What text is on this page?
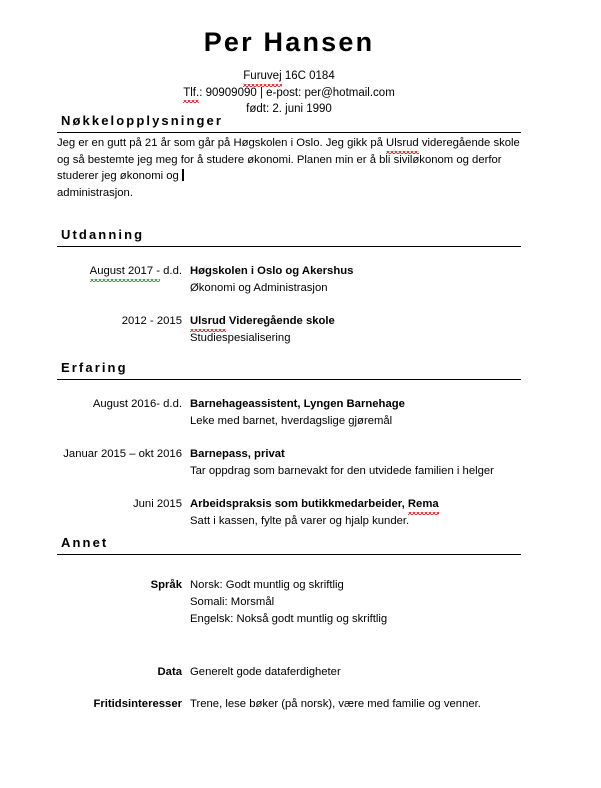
Per Hansen
Furuvej 16C 0184
Tlf.: 90909090 | e-post: per@hotmail.com
født: 2. juni 1990
Nøkkelopplysninger

Jeg er en gutt på 21 år som går på Høgskolen i Oslo. Jeg gikk på Ulsrud videregående skole og så bestemte jeg meg for å studere økonomi. Planen min er å bli siviløkonom og derfor studerer jeg økonomi og
administrasjon.

Utdanning
August 2017 - d.d. Høgskolen i Oslo og Akershus
Økonomi og Administrasjon
2012 - 2015 Ulsrud Videregående skole
Studiespesialisering
Erfaring
August 2016- d.d. Barnehageassistent, Lyngen Barnehage
Leke med barnet, hverdagslige gjøremål
Januar 2015 – okt 2016 Barnepass, privat
Tar oppdrag som barnevakt for den utvidede familien i helger
Juni 2015 Arbeidspraksis som butikkmedarbeider, Rema
Satt i kassen, fylte på varer og hjalp kunder.
Annet
Språk Norsk: Godt muntlig og skriftlig
Somali: Morsmål
Engelsk: Nokså godt muntlig og skriftlig
Data Generelt gode dataferdigheter
Fritidsinteresser Trene, lese bøker (på norsk), være med familie og venner.
